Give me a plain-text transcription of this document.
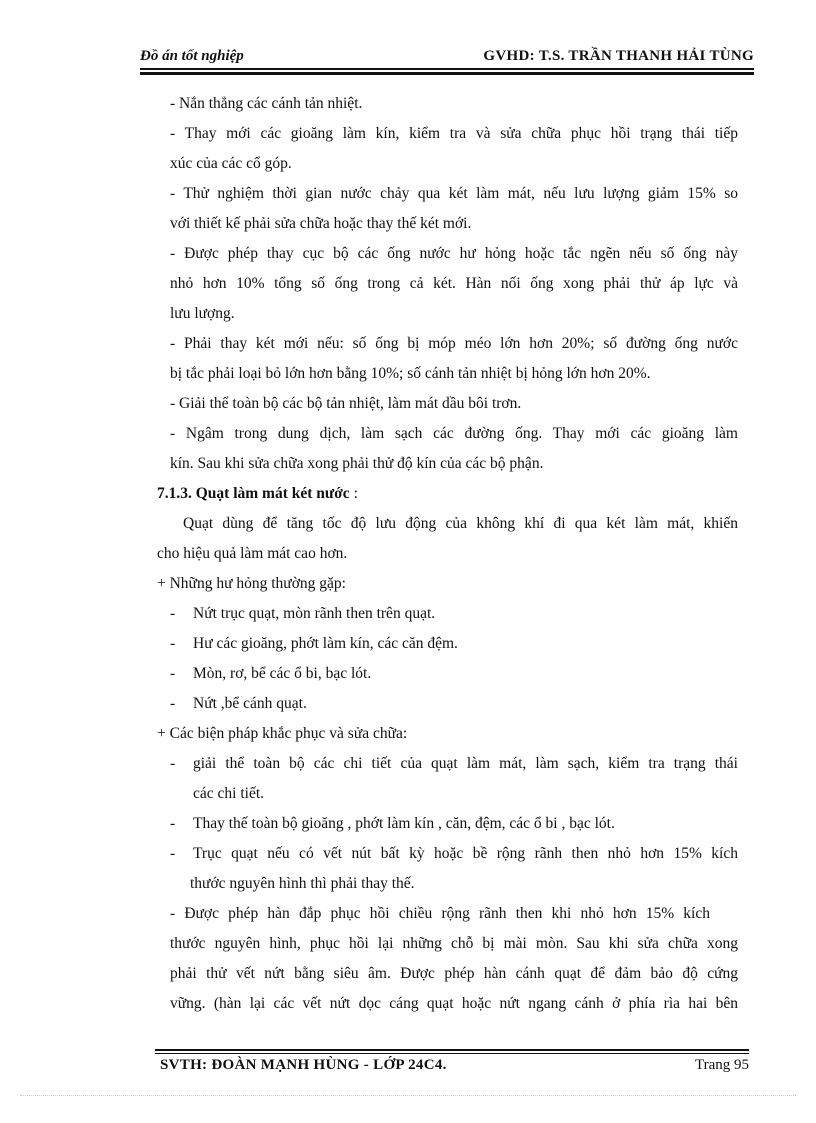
Đồ án tốt nghiệp	GVHD: T.S. TRẦN THANH HẢI TÙNG
- Nắn thẳng các cánh tản nhiệt.
- Thay mới các gioăng làm kín, kiểm tra và sửa chữa phục hồi trạng thái tiếp
xúc của các cổ góp.
- Thử nghiệm thời gian nước chảy qua két làm mát, nếu lưu lượng giảm 15% so
với thiết kế phải sửa chữa hoặc thay thế két mới.
- Được phép thay cục bộ các ống nước hư hỏng hoặc tắc ngẽn nếu số ống này
nhỏ hơn 10% tổng số ống trong cả két. Hàn nối ống xong phải thử áp lực và
lưu lượng.
- Phải thay két mới nếu: số ống bị móp méo lớn hơn 20%; số đường ống nước
bị tắc phải loại bỏ lớn hơn bằng 10%; số cánh tản nhiệt bị hỏng lớn hơn 20%.
- Giải thể toàn bộ các bộ tản nhiệt, làm mát dầu bôi trơn.
- Ngâm trong dung dịch, làm sạch các đường ống. Thay mới các gioăng làm
kín. Sau khi sửa chữa xong phải thử độ kín của các bộ phận.
7.1.3. Quạt làm mát két nước :
Quạt dùng để tăng tốc độ lưu động của không khí đi qua két làm mát, khiến
cho hiệu quả làm mát cao hơn.
+ Những hư hỏng thường gặp:
- Nứt trục quạt, mòn rãnh then trên quạt.
- Hư các gioăng, phớt làm kín, các căn đệm.
- Mòn, rơ, bể các ổ bi, bạc lót.
- Nứt ,bể cánh quạt.
+ Các biện pháp khắc phục và sửa chữa:
- giải thể toàn bộ các chi tiết của quạt làm mát, làm sạch, kiểm tra trạng thái
các chi tiết.
- Thay thế toàn bộ gioăng , phớt làm kín , căn, đệm, các ổ bi , bạc lót.
- Trục quạt nếu có vết nút bất kỳ hoặc bề rộng rãnh then nhỏ hơn 15% kích
thước nguyên hình thì phải thay thế.
- Được phép hàn đắp phục hồi chiều rộng rãnh then khi nhỏ hơn 15% kích
thước nguyên hình, phục hồi lại những chỗ bị mài mòn. Sau khi sửa chữa xong
phải thử vết nứt bằng siêu âm. Được phép hàn cánh quạt để đảm bảo độ cứng
vững. (hàn lại các vết nứt dọc cáng quạt hoặc nứt ngang cánh ở phía rìa hai bên
SVTH: ĐOÀN MẠNH HÙNG - LỚP 24C4.	Trang 95
